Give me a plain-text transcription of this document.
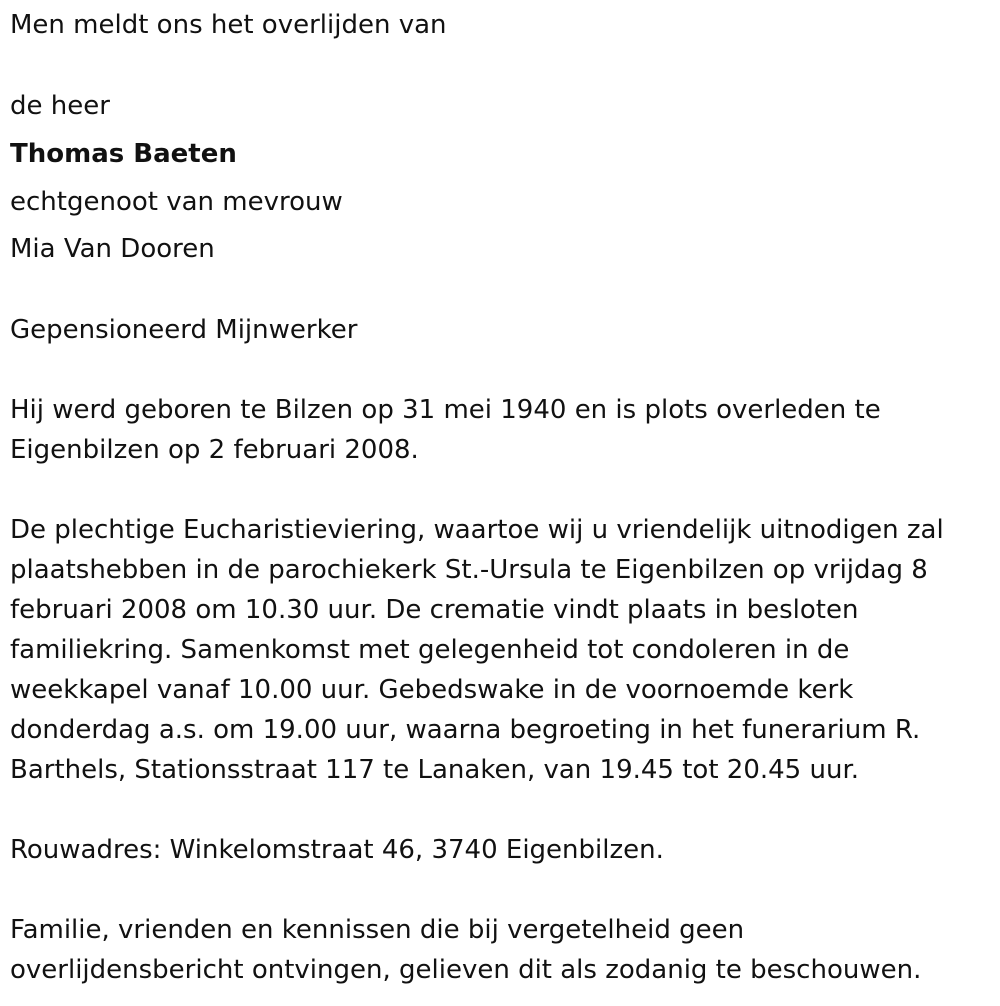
Men meldt ons het overlijden van
de heer
Thomas Baeten
echtgenoot van mevrouw
Mia Van Dooren
Gepensioneerd Mijnwerker
Hij werd geboren te Bilzen op 31 mei 1940 en is plots overleden te
Eigenbilzen op 2 februari 2008.
De plechtige Eucharistieviering, waartoe wij u vriendelijk uitnodigen zal
plaatshebben in de parochiekerk St.-Ursula te Eigenbilzen op vrijdag 8
februari 2008 om 10.30 uur. De crematie vindt plaats in besloten
familiekring. Samenkomst met gelegenheid tot condoleren in de
weekkapel vanaf 10.00 uur. Gebedswake in de voornoemde kerk
donderdag a.s. om 19.00 uur, waarna begroeting in het funerarium R.
Barthels, Stationsstraat 117 te Lanaken, van 19.45 tot 20.45 uur.
Rouwadres: Winkelomstraat 46, 3740 Eigenbilzen.
Familie, vrienden en kennissen die bij vergetelheid geen
overlijdensbericht ontvingen, gelieven dit als zodanig te beschouwen.
